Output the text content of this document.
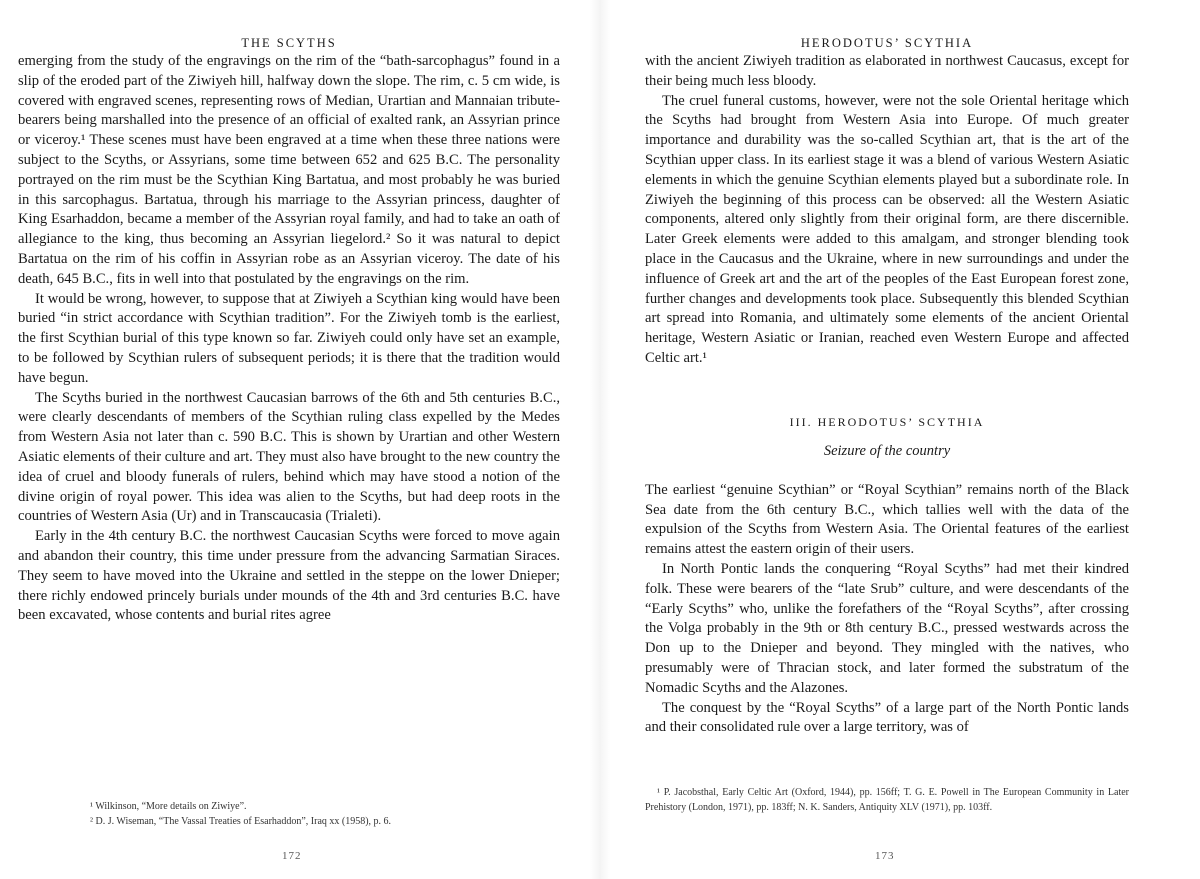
THE SCYTHS

emerging from the study of the engravings on the rim of the “bath-sarcophagus” found in a slip of the eroded part of the Ziwiyeh hill, halfway down the slope. The rim, c. 5 cm wide, is covered with engraved scenes, representing rows of Median, Urartian and Mannaian tribute-bearers being marshalled into the presence of an official of exalted rank, an Assyrian prince or viceroy.¹ These scenes must have been engraved at a time when these three nations were subject to the Scyths, or Assyrians, some time between 652 and 625 B.C. The personality portrayed on the rim must be the Scythian King Bartatua, and most probably he was buried in this sarcophagus. Bartatua, through his marriage to the Assyrian princess, daughter of King Esarhaddon, became a member of the Assyrian royal family, and had to take an oath of allegiance to the king, thus becoming an Assyrian liegelord.² So it was natural to depict Bartatua on the rim of his coffin in Assyrian robe as an Assyrian viceroy. The date of his death, 645 B.C., fits in well into that postulated by the engravings on the rim.

It would be wrong, however, to suppose that at Ziwiyeh a Scythian king would have been buried “in strict accordance with Scythian tradition”. For the Ziwiyeh tomb is the earliest, the first Scythian burial of this type known so far. Ziwiyeh could only have set an example, to be followed by Scythian rulers of subsequent periods; it is there that the tradition would have begun.

The Scyths buried in the northwest Caucasian barrows of the 6th and 5th centuries B.C., were clearly descendants of members of the Scythian ruling class expelled by the Medes from Western Asia not later than c. 590 B.C. This is shown by Urartian and other Western Asiatic elements of their culture and art. They must also have brought to the new country the idea of cruel and bloody funerals of rulers, behind which may have stood a notion of the divine origin of royal power. This idea was alien to the Scyths, but had deep roots in the countries of Western Asia (Ur) and in Transcaucasia (Trialeti).

Early in the 4th century B.C. the northwest Caucasian Scyths were forced to move again and abandon their country, this time under pressure from the advancing Sarmatian Siraces. They seem to have moved into the Ukraine and settled in the steppe on the lower Dnieper; there richly endowed princely burials under mounds of the 4th and 3rd centuries B.C. have been excavated, whose contents and burial rites agree

¹ Wilkinson, “More details on Ziwiye”.

² D. J. Wiseman, “The Vassal Treaties of Esarhaddon”, Iraq xx (1958), p. 6.

172
HERODOTUS’ SCYTHIA

with the ancient Ziwiyeh tradition as elaborated in northwest Caucasus, except for their being much less bloody.

The cruel funeral customs, however, were not the sole Oriental heritage which the Scyths had brought from Western Asia into Europe. Of much greater importance and durability was the so-called Scythian art, that is the art of the Scythian upper class. In its earliest stage it was a blend of various Western Asiatic elements in which the genuine Scythian elements played but a subordinate role. In Ziwiyeh the beginning of this process can be observed: all the Western Asiatic components, altered only slightly from their original form, are there discernible. Later Greek elements were added to this amalgam, and stronger blending took place in the Caucasus and the Ukraine, where in new surroundings and under the influence of Greek art and the art of the peoples of the East European forest zone, further changes and developments took place. Subsequently this blended Scythian art spread into Romania, and ultimately some elements of the ancient Oriental heritage, Western Asiatic or Iranian, reached even Western Europe and affected Celtic art.¹

III. HERODOTUS’ SCYTHIA
Seizure of the country

The earliest “genuine Scythian” or “Royal Scythian” remains north of the Black Sea date from the 6th century B.C., which tallies well with the data of the expulsion of the Scyths from Western Asia. The Oriental features of the earliest remains attest the eastern origin of their users.

In North Pontic lands the conquering “Royal Scyths” had met their kindred folk. These were bearers of the “late Srub” culture, and were descendants of the “Early Scyths” who, unlike the forefathers of the “Royal Scyths”, after crossing the Volga probably in the 9th or 8th century B.C., pressed westwards across the Don up to the Dnieper and beyond. They mingled with the natives, who presumably were of Thracian stock, and later formed the substratum of the Nomadic Scyths and the Alazones.

The conquest by the “Royal Scyths” of a large part of the North Pontic lands and their consolidated rule over a large territory, was of

¹ P. Jacobsthal, Early Celtic Art (Oxford, 1944), pp. 156ff; T. G. E. Powell in The European Community in Later Prehistory (London, 1971), pp. 183ff; N. K. Sanders, Antiquity XLV (1971), pp. 103ff.

173
